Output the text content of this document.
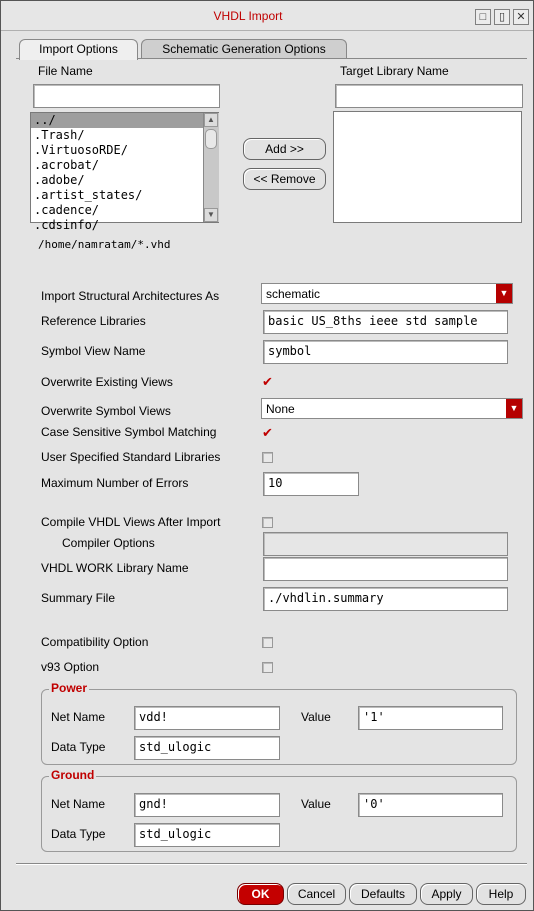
VHDL Import	□	▯	✕
Import Options	Schematic Generation Options
File Name	Target Library Name
../
.Trash/
.VirtuosoRDE/
.acrobat/
.adobe/
.artist_states/
.cadence/
.cdsinfo/
▲
▼
Add >>
<< Remove
/home/namratam/*.vhd
Import Structural Architectures As	schematic	▼
Reference Libraries	basic US_8ths ieee std sample
Symbol View Name	symbol
Overwrite Existing Views	✔
Overwrite Symbol Views	None	▼
Case Sensitive Symbol Matching	✔
User Specified Standard Libraries
Maximum Number of Errors	10
Compile VHDL Views After Import
Compiler Options
VHDL WORK Library Name
Summary File	./vhdlin.summary
Compatibility Option
v93 Option
Power
Net Name	vdd!	Value	'1'
Data Type	std_ulogic
Ground
Net Name	gnd!	Value	'0'
Data Type	std_ulogic
OK	Cancel	Defaults	Apply	Help
